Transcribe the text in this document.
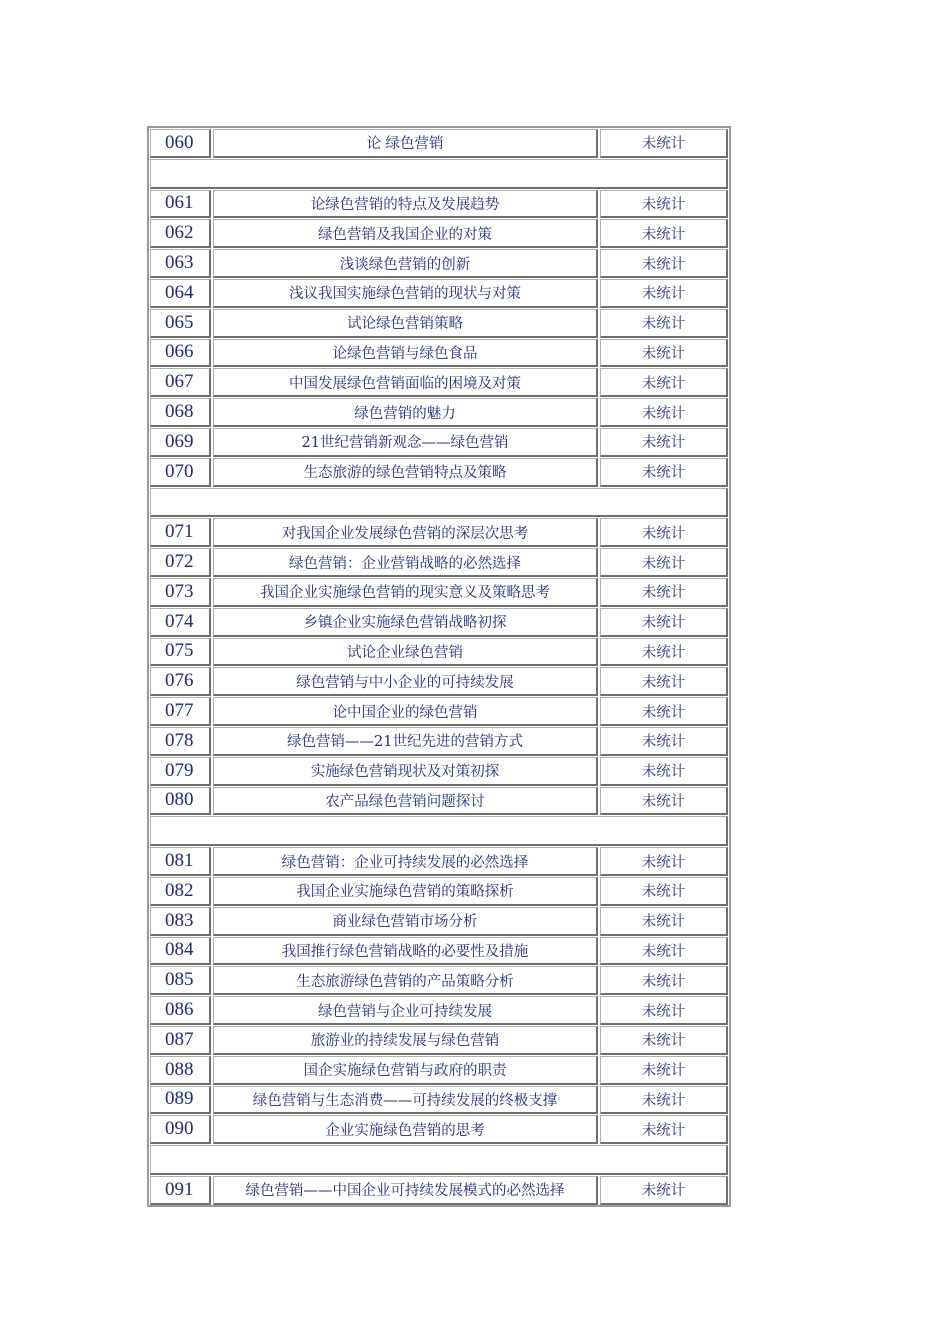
060	论 绿色营销	未统计
061	论绿色营销的特点及发展趋势	未统计
062	绿色营销及我国企业的对策	未统计
063	浅谈绿色营销的创新	未统计
064	浅议我国实施绿色营销的现状与对策	未统计
065	试论绿色营销策略	未统计
066	论绿色营销与绿色食品	未统计
067	中国发展绿色营销面临的困境及对策	未统计
068	绿色营销的魅力	未统计
069	21世纪营销新观念——绿色营销	未统计
070	生态旅游的绿色营销特点及策略	未统计
071	对我国企业发展绿色营销的深层次思考	未统计
072	绿色营销：企业营销战略的必然选择	未统计
073	我国企业实施绿色营销的现实意义及策略思考	未统计
074	乡镇企业实施绿色营销战略初探	未统计
075	试论企业绿色营销	未统计
076	绿色营销与中小企业的可持续发展	未统计
077	论中国企业的绿色营销	未统计
078	绿色营销——21世纪先进的营销方式	未统计
079	实施绿色营销现状及对策初探	未统计
080	农产品绿色营销问题探讨	未统计
081	绿色营销：企业可持续发展的必然选择	未统计
082	我国企业实施绿色营销的策略探析	未统计
083	商业绿色营销市场分析	未统计
084	我国推行绿色营销战略的必要性及措施	未统计
085	生态旅游绿色营销的产品策略分析	未统计
086	绿色营销与企业可持续发展	未统计
087	旅游业的持续发展与绿色营销	未统计
088	国企实施绿色营销与政府的职责	未统计
089	绿色营销与生态消费——可持续发展的终极支撑	未统计
090	企业实施绿色营销的思考	未统计
091	绿色营销——中国企业可持续发展模式的必然选择	未统计
